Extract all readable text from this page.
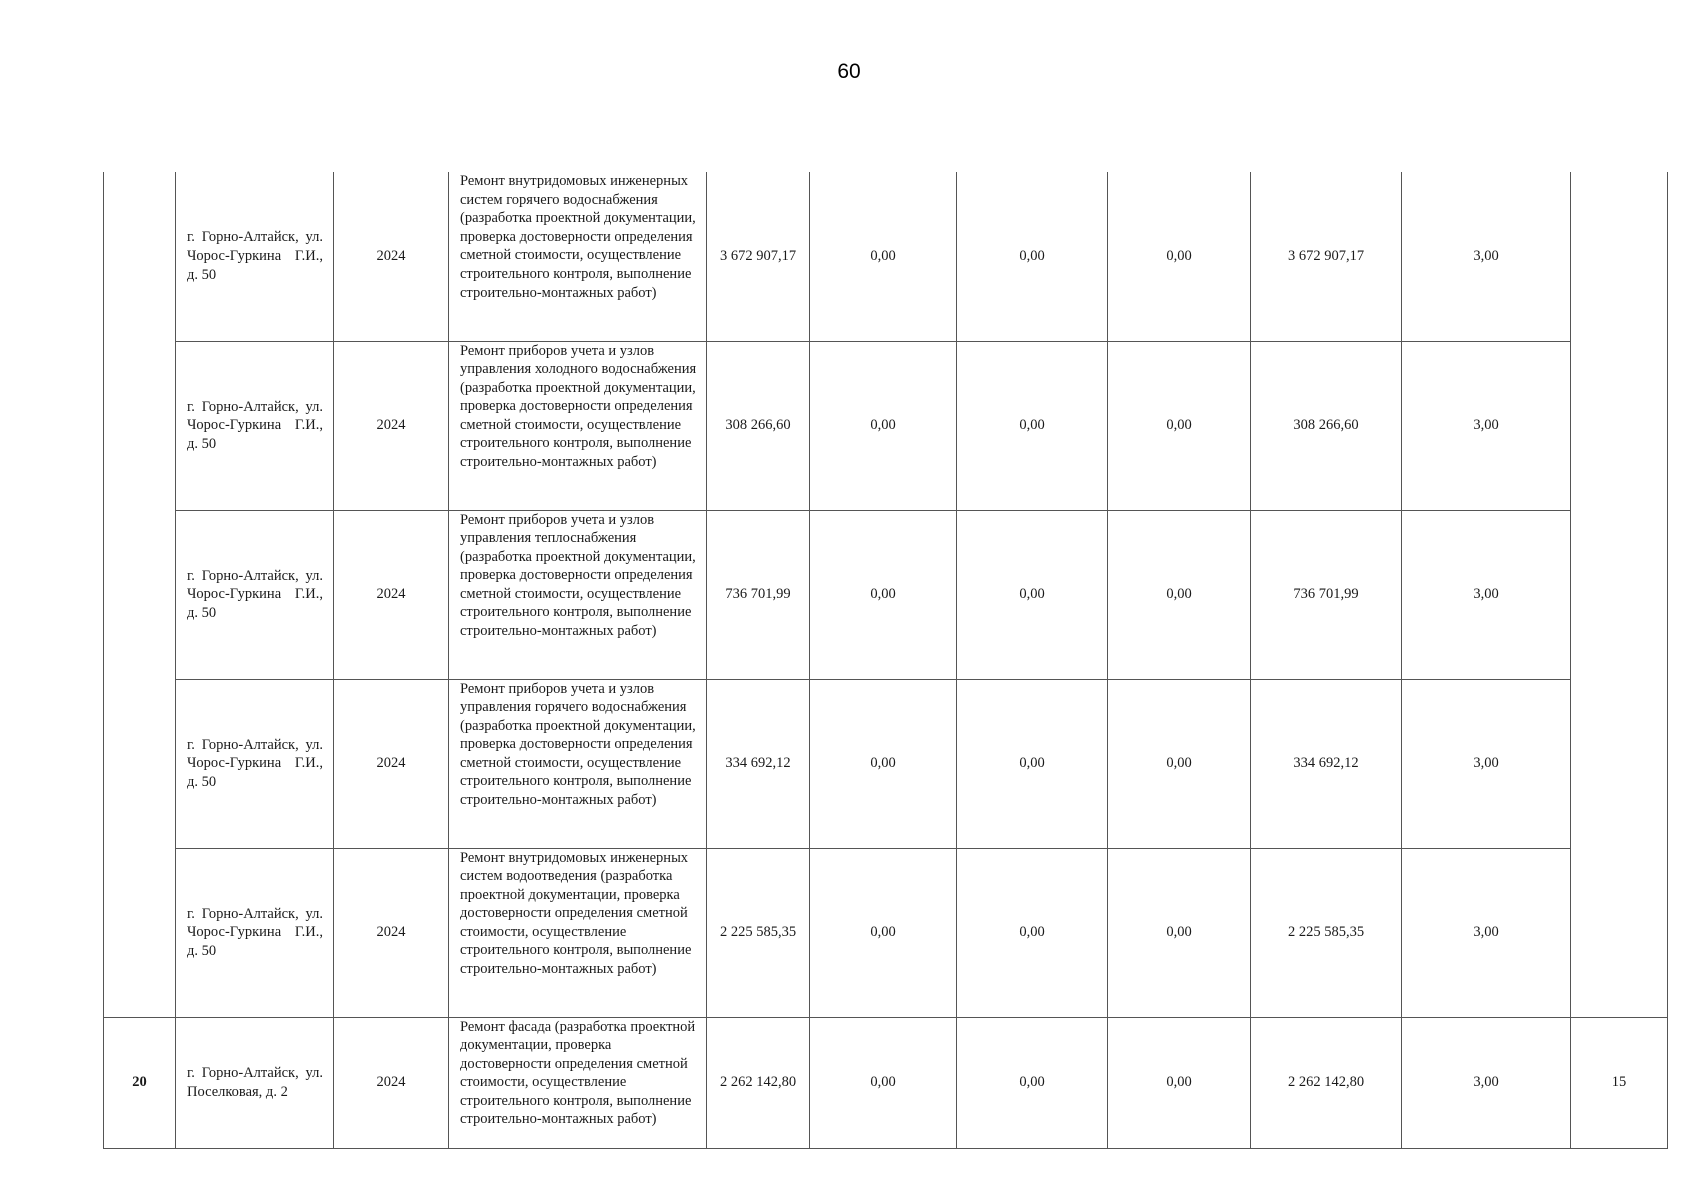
60
	г. Горно-Алтайск, ул. Чорос-Гуркина Г.И., д. 50	2024	Ремонт внутридомовых инженерных систем горячего водоснабжения (разработка проектной документации, проверка достоверности определения сметной стоимости, осуществление строительного контроля, выполнение строительно-монтажных работ)	3 672 907,17	0,00	0,00	0,00	3 672 907,17	3,00	
	г. Горно-Алтайск, ул. Чорос-Гуркина Г.И., д. 50	2024	Ремонт приборов учета и узлов управления холодного водоснабжения (разработка проектной документации, проверка достоверности определения сметной стоимости, осуществление строительного контроля, выполнение строительно-монтажных работ)	308 266,60	0,00	0,00	0,00	308 266,60	3,00	
	г. Горно-Алтайск, ул. Чорос-Гуркина Г.И., д. 50	2024	Ремонт приборов учета и узлов управления теплоснабжения (разработка проектной документации, проверка достоверности определения сметной стоимости, осуществление строительного контроля, выполнение строительно-монтажных работ)	736 701,99	0,00	0,00	0,00	736 701,99	3,00	
	г. Горно-Алтайск, ул. Чорос-Гуркина Г.И., д. 50	2024	Ремонт приборов учета и узлов управления горячего водоснабжения (разработка проектной документации, проверка достоверности определения сметной стоимости, осуществление строительного контроля, выполнение строительно-монтажных работ)	334 692,12	0,00	0,00	0,00	334 692,12	3,00	
	г. Горно-Алтайск, ул. Чорос-Гуркина Г.И., д. 50	2024	Ремонт внутридомовых инженерных систем водоотведения (разработка проектной документации, проверка достоверности определения сметной стоимости, осуществление строительного контроля, выполнение строительно-монтажных работ)	2 225 585,35	0,00	0,00	0,00	2 225 585,35	3,00	
20	г. Горно-Алтайск, ул. Поселковая, д. 2	2024	Ремонт фасада (разработка проектной документации, проверка достоверности определения сметной стоимости, осуществление строительного контроля, выполнение строительно-монтажных работ)	2 262 142,80	0,00	0,00	0,00	2 262 142,80	3,00	15
